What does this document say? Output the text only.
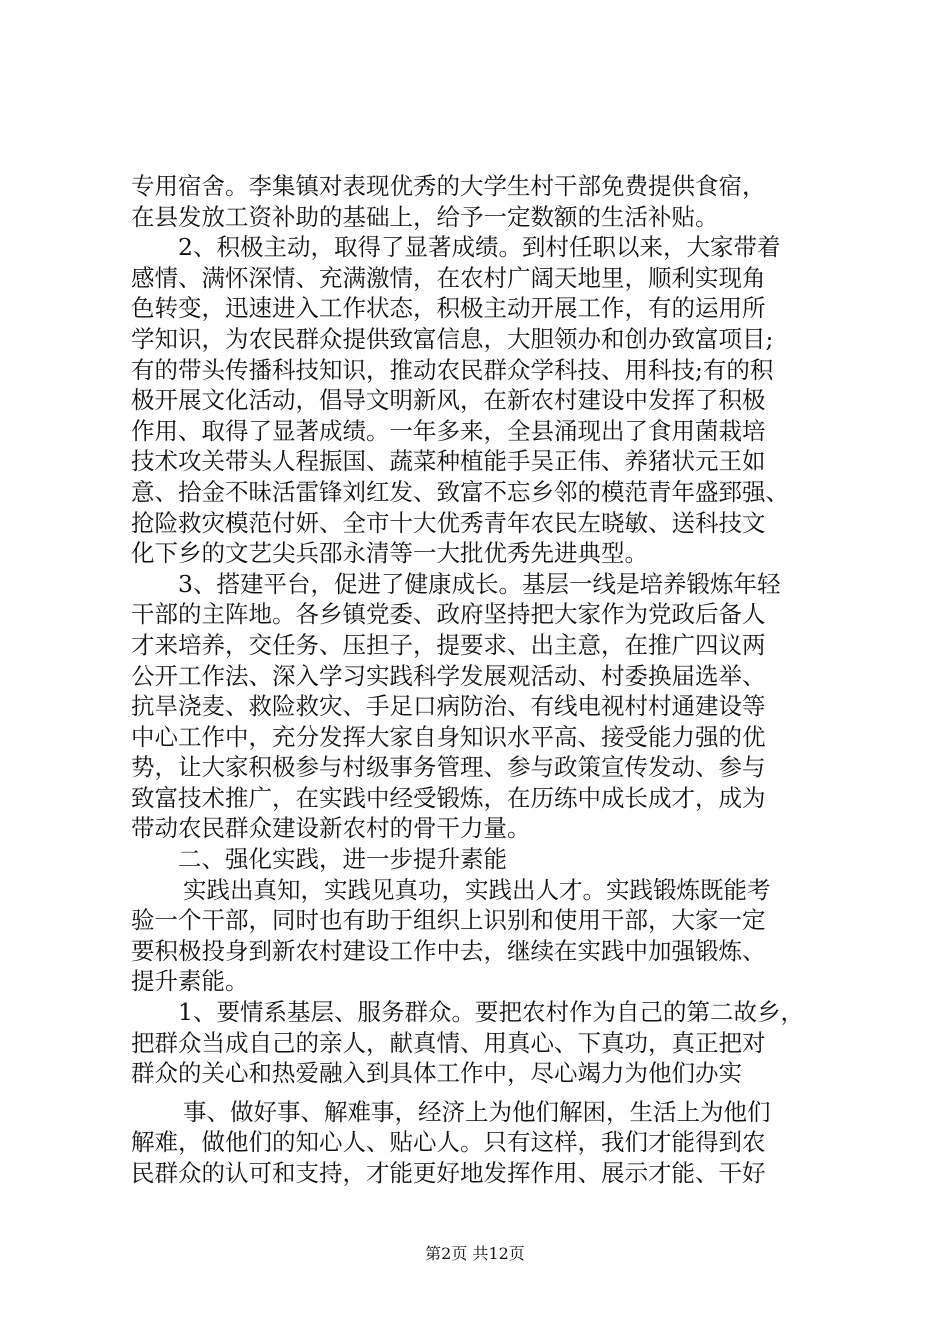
专用宿舍。李集镇对表现优秀的大学生村干部免费提供食宿，
在县发放工资补助的基础上，给予一定数额的生活补贴。
2、积极主动，取得了显著成绩。到村任职以来，大家带着
感情、满怀深情、充满激情，在农村广阔天地里，顺利实现角
色转变，迅速进入工作状态，积极主动开展工作，有的运用所
学知识，为农民群众提供致富信息，大胆领办和创办致富项目;
有的带头传播科技知识，推动农民群众学科技、用科技;有的积
极开展文化活动，倡导文明新风，在新农村建设中发挥了积极
作用、取得了显著成绩。一年多来，全县涌现出了食用菌栽培
技术攻关带头人程振国、蔬菜种植能手吴正伟、养猪状元王如
意、拾金不昧活雷锋刘红发、致富不忘乡邻的模范青年盛郅强、
抢险救灾模范付妍、全市十大优秀青年农民左晓敏、送科技文
化下乡的文艺尖兵邵永清等一大批优秀先进典型。
3、搭建平台，促进了健康成长。基层一线是培养锻炼年轻
干部的主阵地。各乡镇党委、政府坚持把大家作为党政后备人
才来培养，交任务、压担子，提要求、出主意，在推广四议两
公开工作法、深入学习实践科学发展观活动、村委换届选举、
抗旱浇麦、救险救灾、手足口病防治、有线电视村村通建设等
中心工作中，充分发挥大家自身知识水平高、接受能力强的优
势，让大家积极参与村级事务管理、参与政策宣传发动、参与
致富技术推广，在实践中经受锻炼，在历练中成长成才，成为
带动农民群众建设新农村的骨干力量。
二、强化实践，进一步提升素能
实践出真知，实践见真功，实践出人才。实践锻炼既能考
验一个干部，同时也有助于组织上识别和使用干部，大家一定
要积极投身到新农村建设工作中去，继续在实践中加强锻炼、
提升素能。
1、要情系基层、服务群众。要把农村作为自己的第二故乡，
把群众当成自己的亲人，献真情、用真心、下真功，真正把对
群众的关心和热爱融入到具体工作中，尽心竭力为他们办实
事、做好事、解难事，经济上为他们解困，生活上为他们
解难，做他们的知心人、贴心人。只有这样，我们才能得到农
民群众的认可和支持，才能更好地发挥作用、展示才能、干好
第2页 共12页
